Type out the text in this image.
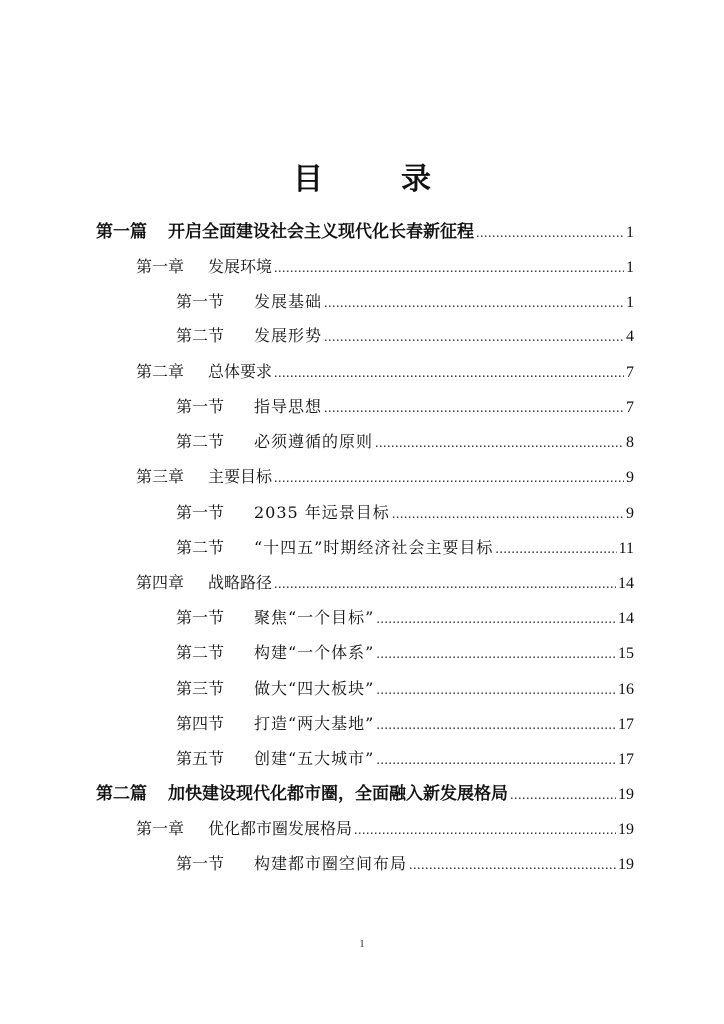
目　录
第一篇	开启全面建设社会主义现代化长春新征程 .....	1
第一章	发展环境 .....	1
第一节	发展基础 .....	1
第二节	发展形势 .....	4
第二章	总体要求 .....	7
第一节	指导思想 .....	7
第二节	必须遵循的原则 .....	8
第三章	主要目标 .....	9
第一节	2035 年远景目标 .....	9
第二节	“十四五”时期经济社会主要目标 .....	11
第四章	战略路径 .....	14
第一节	聚焦“一个目标” .....	14
第二节	构建“一个体系” .....	15
第三节	做大“四大板块” .....	16
第四节	打造“两大基地” .....	17
第五节	创建“五大城市” .....	17
第二篇	加快建设现代化都市圈，全面融入新发展格局 .....	19
第一章	优化都市圈发展格局 .....	19
第一节	构建都市圈空间布局 .....	19
1
